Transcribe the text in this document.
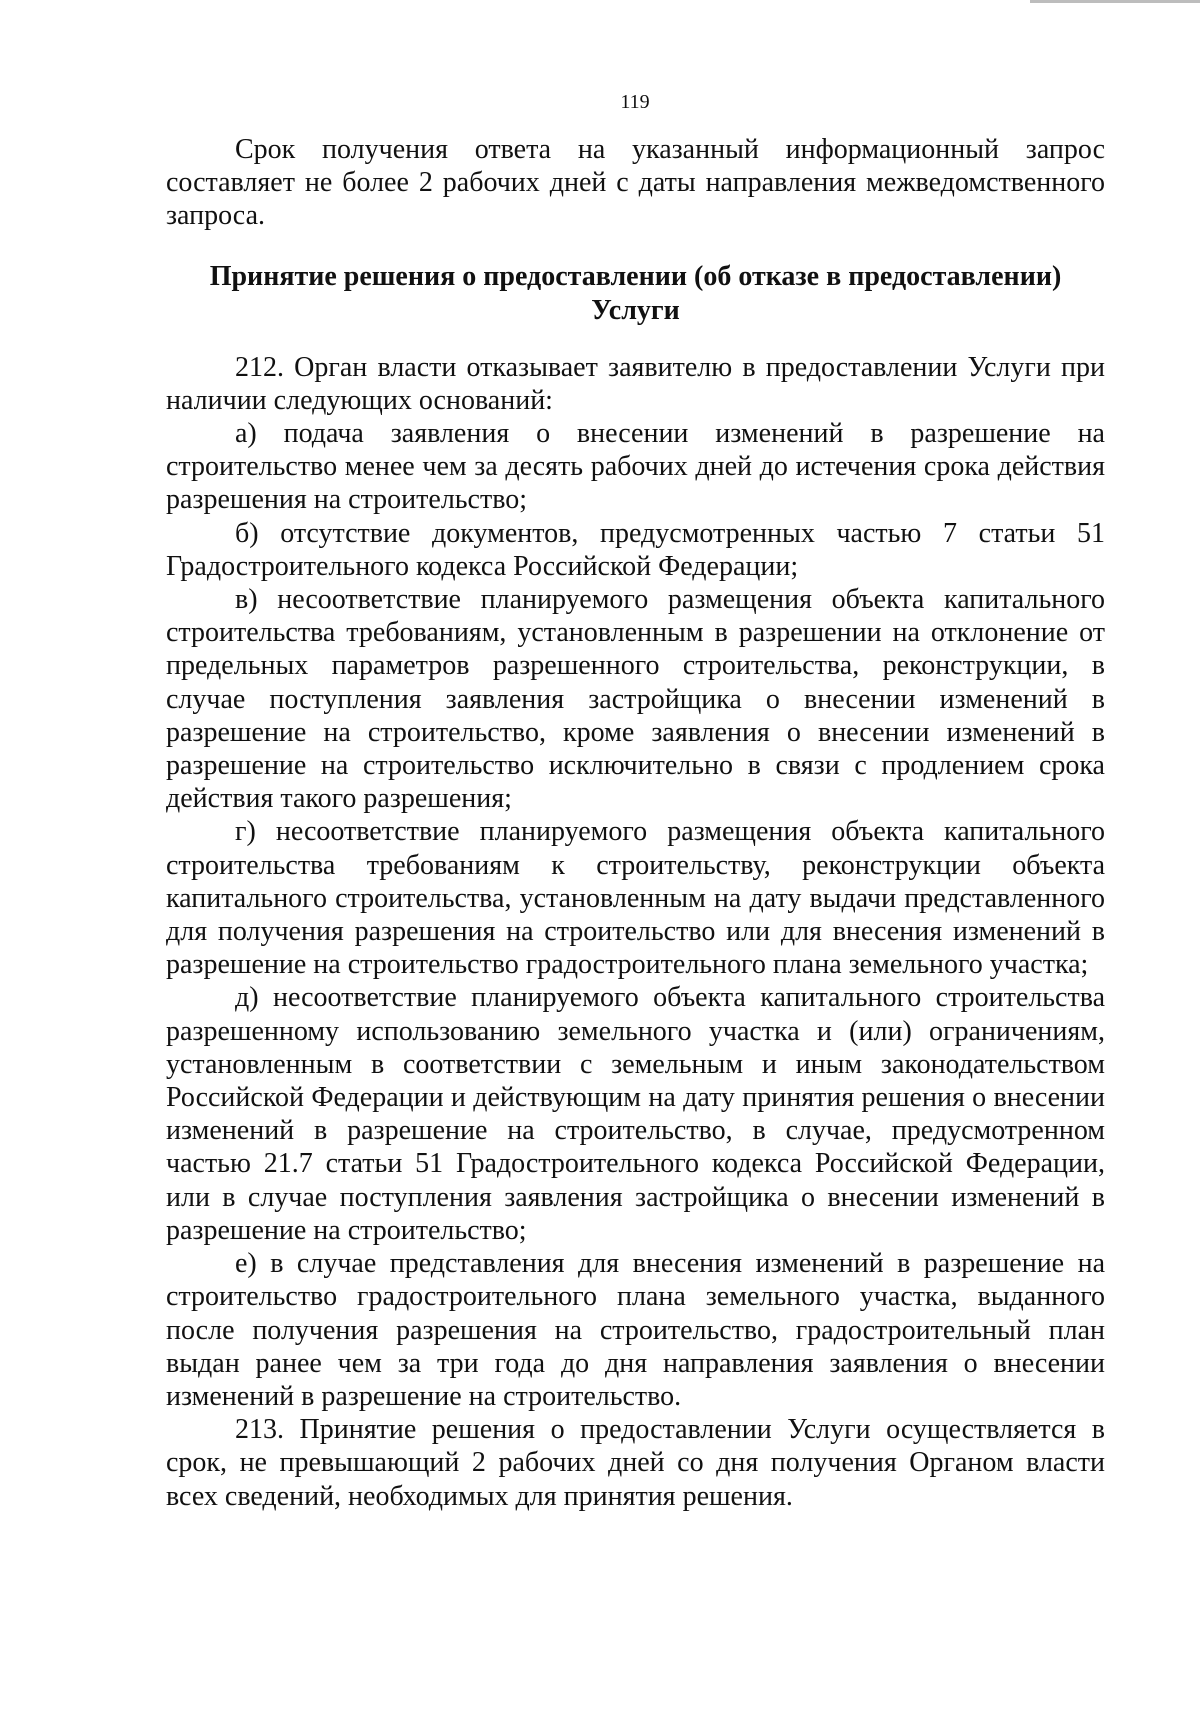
119

Срок получения ответа на указанный информационный запрос составляет не более 2 рабочих дней с даты направления межведомственного запроса.

Принятие решения о предоставлении (об отказе в предоставлении)
Услуги

212. Орган власти отказывает заявителю в предоставлении Услуги при наличии следующих оснований:

а) подача заявления о внесении изменений в разрешение на строительство менее чем за десять рабочих дней до истечения срока действия разрешения на строительство;

б) отсутствие документов, предусмотренных частью 7 статьи 51 Градостроительного кодекса Российской Федерации;

в) несоответствие планируемого размещения объекта капитального строительства требованиям, установленным в разрешении на отклонение от предельных параметров разрешенного строительства, реконструкции, в случае поступления заявления застройщика о внесении изменений в разрешение на строительство, кроме заявления о внесении изменений в разрешение на строительство исключительно в связи с продлением срока действия такого разрешения;

г) несоответствие планируемого размещения объекта капитального строительства требованиям к строительству, реконструкции объекта капитального строительства, установленным на дату выдачи представленного для получения разрешения на строительство или для внесения изменений в разрешение на строительство градостроительного плана земельного участка;

д) несоответствие планируемого объекта капитального строительства разрешенному использованию земельного участка и (или) ограничениям, установленным в соответствии с земельным и иным законодательством Российской Федерации и действующим на дату принятия решения о внесении изменений в разрешение на строительство, в случае, предусмотренном частью 21.7 статьи 51 Градостроительного кодекса Российской Федерации, или в случае поступления заявления застройщика о внесении изменений в разрешение на строительство;

е) в случае представления для внесения изменений в разрешение на строительство градостроительного плана земельного участка, выданного после получения разрешения на строительство, градостроительный план выдан ранее чем за три года до дня направления заявления о внесении изменений в разрешение на строительство.

213. Принятие решения о предоставлении Услуги осуществляется в срок, не превышающий 2 рабочих дней со дня получения Органом власти всех сведений, необходимых для принятия решения.
